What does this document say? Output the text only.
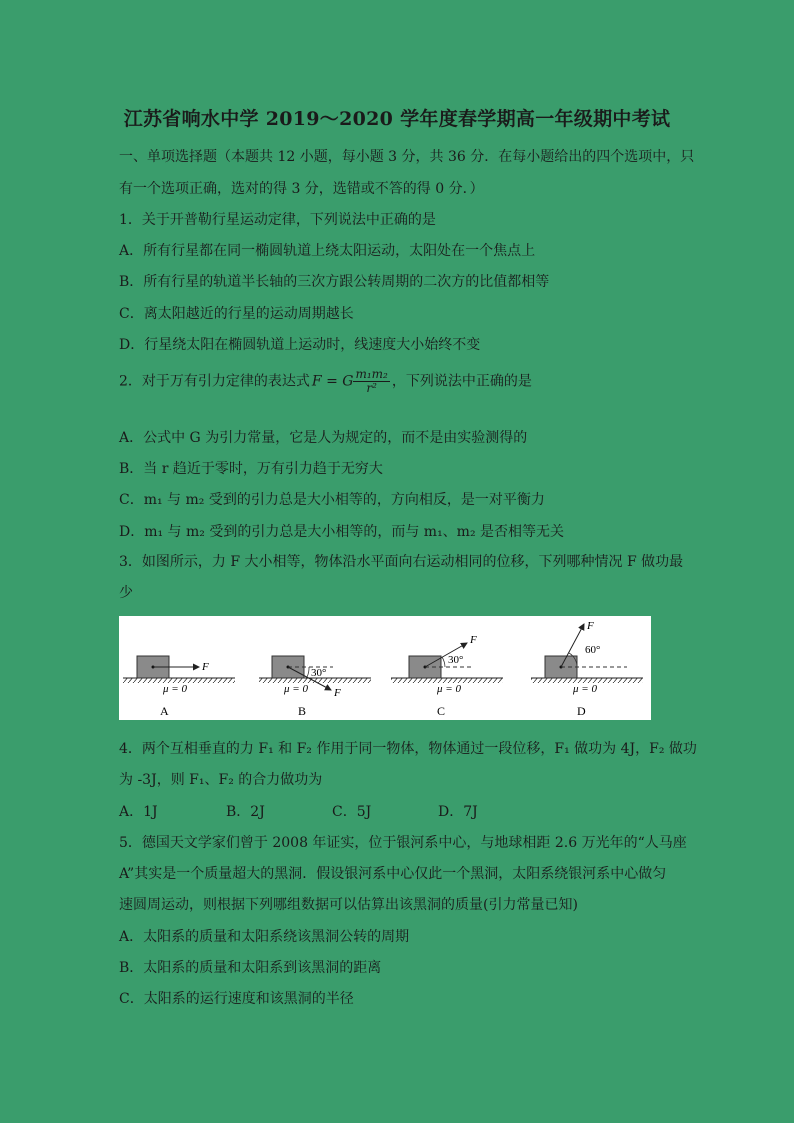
江苏省响水中学 2019～2020 学年度春学期高一年级期中考试
一、单项选择题（本题共 12 小题，每小题 3 分，共 36 分．在每小题给出的四个选项中，只
有一个选项正确，选对的得 3 分，选错或不答的得 0 分．）
1．关于开普勒行星运动定律，下列说法中正确的是
A．所有行星都在同一椭圆轨道上绕太阳运动，太阳处在一个焦点上
B．所有行星的轨道半长轴的三次方跟公转周期的二次方的比值都相等
C．离太阳越近的行星的运动周期越长
D．行星绕太阳在椭圆轨道上运动时，线速度大小始终不变
2．对于万有引力定律的表达式 F = G $\frac{\text{m₁m₂}}{\text{r²}}$ ，下列说法中正确的是
A．公式中 G 为引力常量，它是人为规定的，而不是由实验测得的
B．当 r 趋近于零时，万有引力趋于无穷大
C．m₁ 与 m₂ 受到的引力总是大小相等的，方向相反，是一对平衡力
D．m₁ 与 m₂ 受到的引力总是大小相等的，而与 m₁、m₂ 是否相等无关
3．如图所示，力 F 大小相等，物体沿水平面向右运动相同的位移，下列哪种情况 F 做功最
少
F
μ = 0
A
30°
F
μ = 0
B
30°
F
μ = 0
C
60°
F
μ = 0
D
4．两个互相垂直的力 F₁ 和 F₂ 作用于同一物体，物体通过一段位移，F₁ 做功为 4J，F₂ 做功
为 -3J，则 F₁、F₂ 的合力做功为
A．1J	B．2J	C．5J	D．7J
5．德国天文学家们曾于 2008 年证实，位于银河系中心，与地球相距 2.6 万光年的“人马座
A”其实是一个质量超大的黑洞．假设银河系中心仅此一个黑洞，太阳系绕银河系中心做匀
速圆周运动，则根据下列哪组数据可以估算出该黑洞的质量(引力常量已知)
A．太阳系的质量和太阳系绕该黑洞公转的周期
B．太阳系的质量和太阳系到该黑洞的距离
C．太阳系的运行速度和该黑洞的半径
